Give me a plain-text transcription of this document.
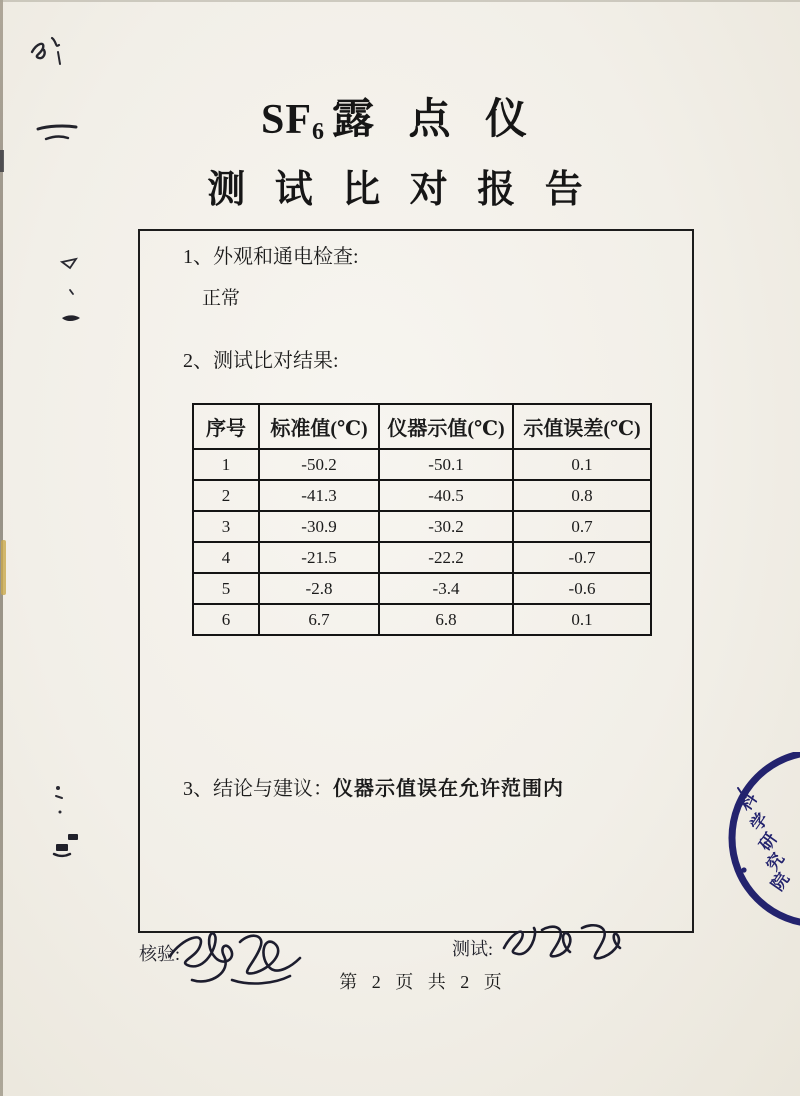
$SF_6$ 露 点 仪
测 试 比 对 报 告
1、外观和通电检查:
正常
2、测试比对结果:
序号	标准值(℃)	仪器示值(℃)	示值误差(℃)
1	-50.2	-50.1	0.1
2	-41.3	-40.5	0.8
3	-30.9	-30.2	0.7
4	-21.5	-22.2	-0.7
5	-2.8	-3.4	-0.6
6	6.7	6.8	0.1
3、结论与建议：仪器示值误在允许范围内
核验:	测试:
第 2 页 共 2 页
科
学
研
究
院
